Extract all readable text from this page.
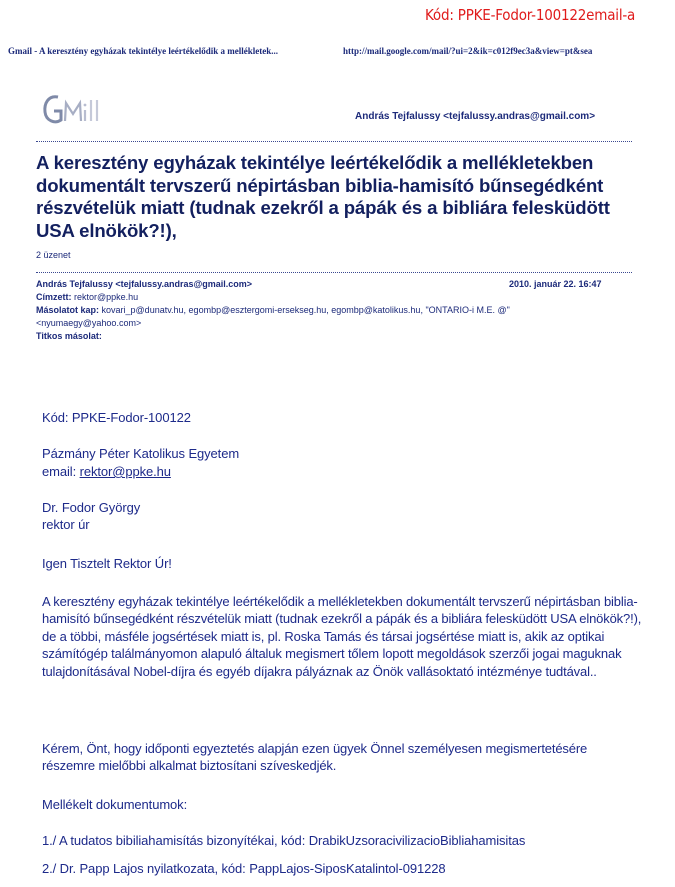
Kód: PPKE-Fodor-100122email-a
Gmail - A keresztény egyházak tekintélye leértékelődik a mellékletek...	http://mail.google.com/mail/?ui=2&ik=c012f9ec3a&view=pt&sea
András Tejfalussy <tejfalussy.andras@gmail.com>
A keresztény egyházak tekintélye leértékelődik a mellékletekben dokumentált tervszerű népirtásban biblia-hamisító bűnsegédként részvételük miatt (tudnak ezekről a pápák és a bibliára felesküdött USA elnökök?!),
2 üzenet
András Tejfalussy <tejfalussy.andras@gmail.com>	2010. január 22. 16:47
Címzett: rektor@ppke.hu
Másolatot kap: kovari_p@dunatv.hu, egombp@esztergomi-ersekseg.hu, egombp@katolikus.hu, "ONTARIO-i M.E. @"
<nyumaegy@yahoo.com>
Titkos másolat:
Kód: PPKE-Fodor-100122
Pázmány Péter Katolikus Egyetem
email: rektor@ppke.hu
Dr. Fodor György
rektor úr
Igen Tisztelt Rektor Úr!
A keresztény egyházak tekintélye leértékelődik a mellékletekben dokumentált tervszerű népirtásban biblia-hamisító bűnsegédként részvételük miatt (tudnak ezekről a pápák és a bibliára felesküdött USA elnökök?!), de a többi, másféle jogsértések miatt is, pl. Roska Tamás és társai jogsértése miatt is, akik az optikai számítógép találmányomon alapuló általuk megismert tőlem lopott megoldások szerzői jogai maguknak tulajdonításával Nobel-díjra és egyéb díjakra pályáznak az Önök vallásoktató intézménye tudtával..
Kérem, Önt, hogy időponti egyeztetés alapján ezen ügyek Önnel személyesen megismertetésére részemre mielőbbi alkalmat biztosítani szíveskedjék.
Mellékelt dokumentumok:
1./ A tudatos bibiliahamisítás bizonyítékai, kód: DrabikUzsoracivilizacioBibliahamisitas
2./ Dr. Papp Lajos nyilatkozata, kód: PappLajos-SiposKatalintol-091228
